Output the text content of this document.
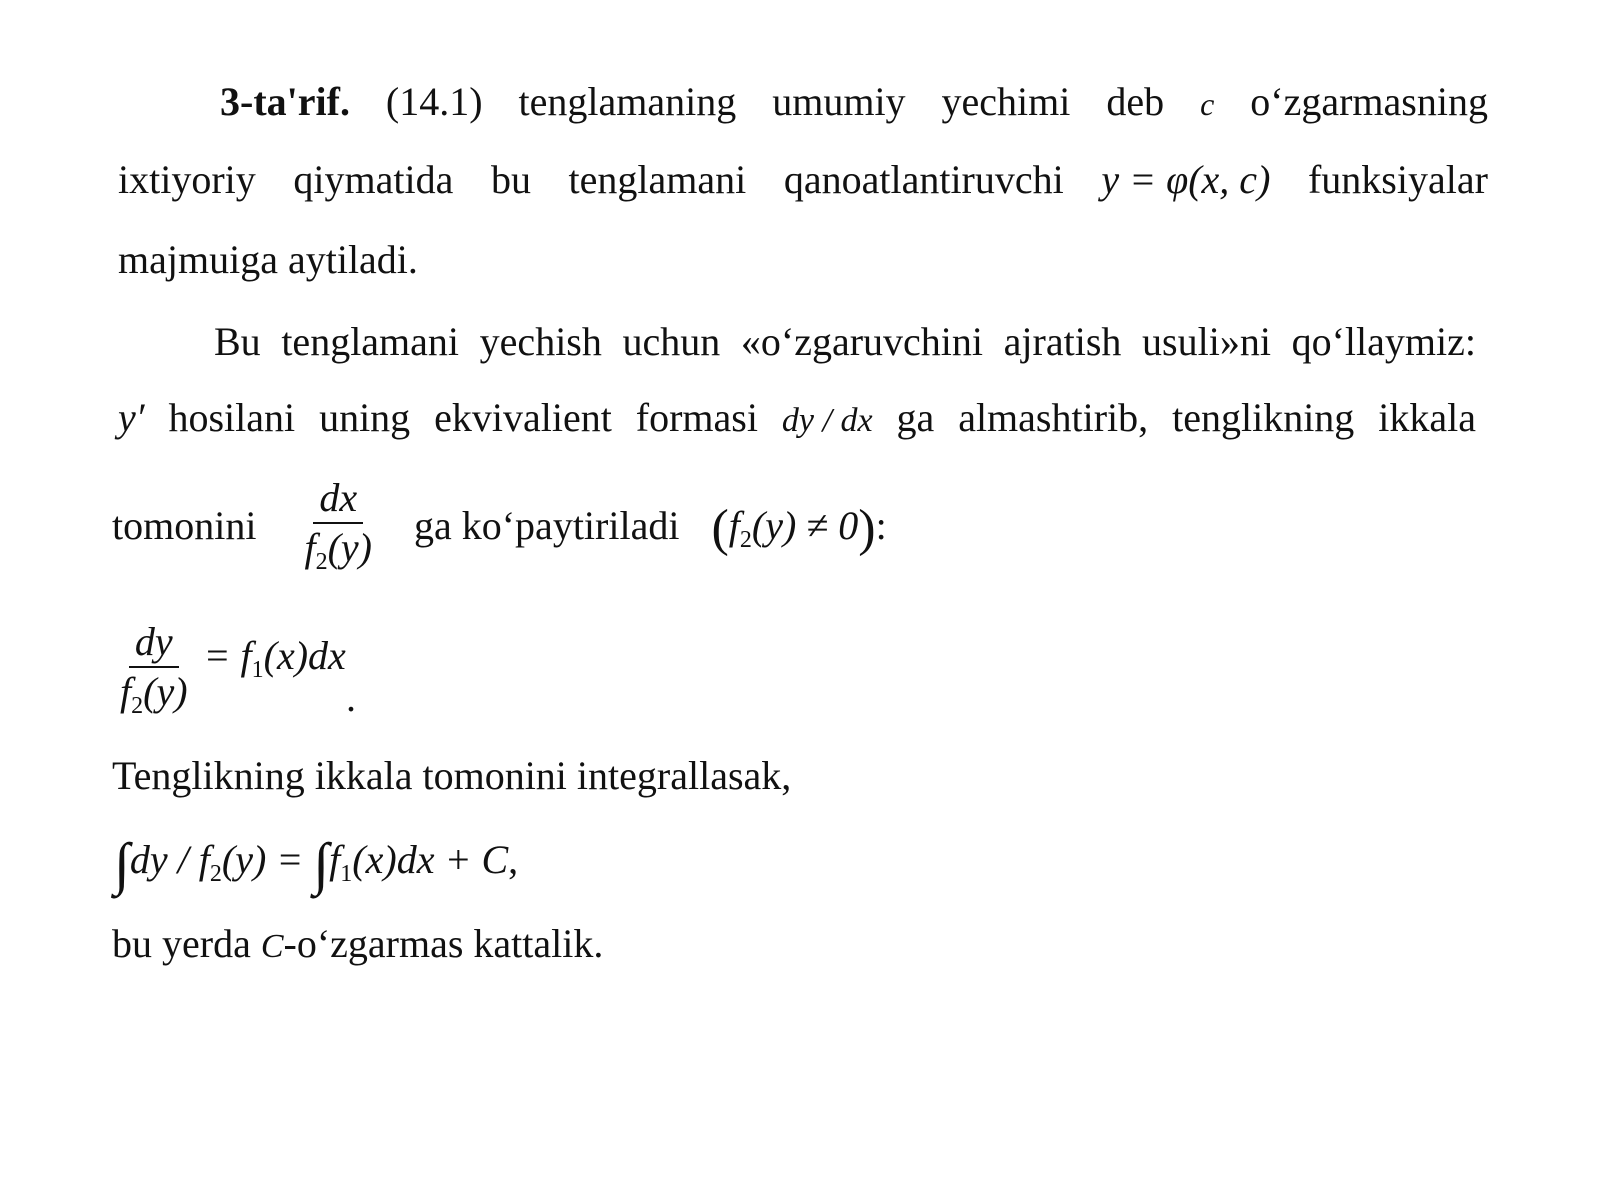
3-ta'rif. (14.1) tenglamaning umumiy yechimi deb c o‘zgarmasning
ixtiyoriy qiymatida bu tenglamani qanoatlantiruvchi y = φ(x, c) funksiyalar
majmuiga aytiladi.
Bu tenglamani yechish uchun «o‘zgaruvchini ajratish usuli»ni qo‘llaymiz:
y′ hosilani uning ekvivalient formasi dy / dx ga almashtirib, tenglikning ikkala
tomonini $\frac{dx}{f_2(y)}$ ga ko‘paytiriladi $(f_2(y) \ne 0)$:
$\frac{dy}{f_2(y)} = f_1(x)dx$
.
Tenglikning ikkala tomonini integrallasak,
$\int dy / f_2(y) = \int f_1(x)dx + C$,
bu yerda C-o‘zgarmas kattalik.
